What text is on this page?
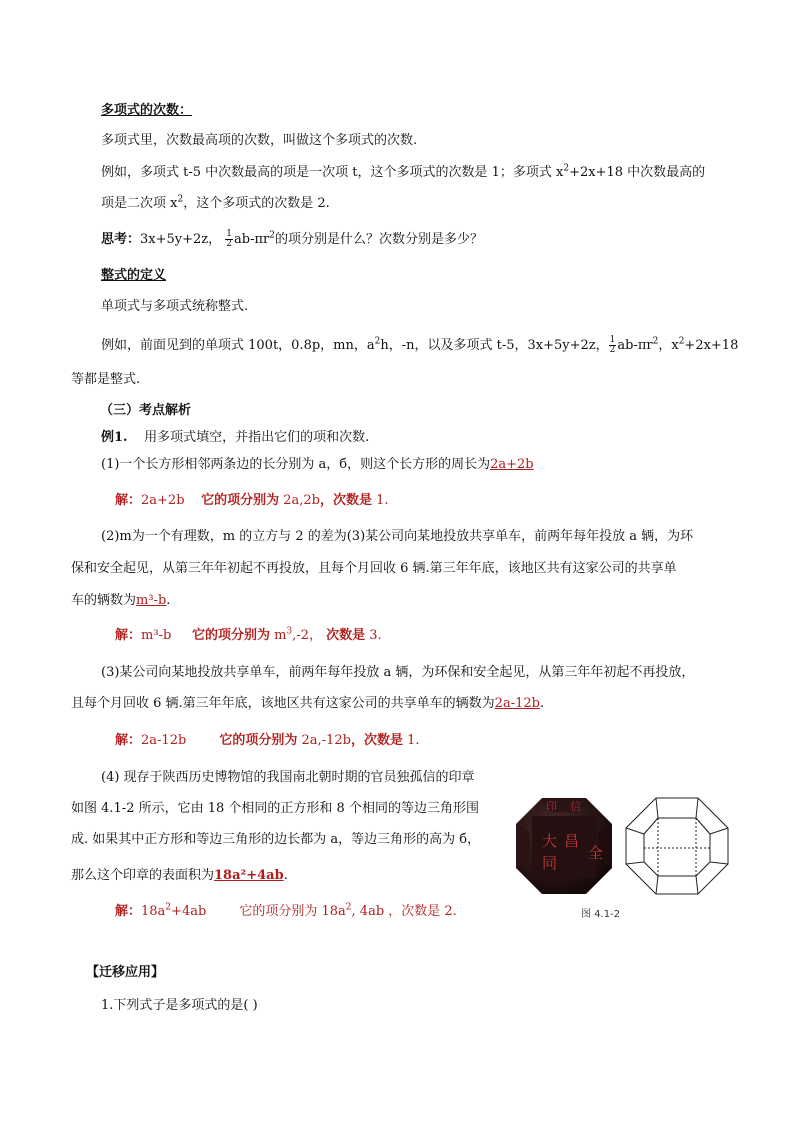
多项式的次数：
多项式里，次数最高项的次数，叫做这个多项式的次数.
例如，多项式 t-5 中次数最高的项是一次项 t，这个多项式的次数是 1；多项式 $x^2+2x+18$ 中次数最高的
项是二次项 $x^2$，这个多项式的次数是 2.
思考：3x+5y+2z， $\frac{1}{2} ab-\pi r^2$的项分别是什么？次数分别是多少？
整式的定义
单项式与多项式统称整式.
例如，前面见到的单项式 100t，0.8p，mn，$a^2h$，-n，以及多项式 t-5，3x+5y+2z， $\frac{1}{2} ab-\pi r^2$，$x^2+2x+18$
等都是整式.
（三）考点解析
例1. 用多项式填空，并指出它们的项和次数.
(1)一个长方形相邻两条边的长分别为 a，б，则这个长方形的周长为2a+2b
解：2a+2b 它的项分别为 2a,2b，次数是 1.
(2)m为一个有理数，m 的立方与 2 的差为(3)某公司向某地投放共享单车，前两年每年投放 a 辆，为环
保和安全起见，从第三年年初起不再投放，且每个月回收 6 辆.第三年年底，该地区共有这家公司的共享单
车的辆数为m³-b.
解：m³-b 它的项分别为 $m^3,-2$， 次数是 3.
(3)某公司向某地投放共享单车，前两年每年投放 a 辆，为环保和安全起见，从第三年年初起不再投放，
且每个月回收 6 辆.第三年年底，该地区共有这家公司的共享单车的辆数为2a-12b.
解：2a-12b	它的项分别为 2a,-12b，次数是 1.
(4) 现存于陕西历史博物馆的我国南北朝时期的官员独孤信的印章
如图 4.1-2 所示，它由 18 个相同的正方形和 8 个相同的等边三角形围
成. 如果其中正方形和等边三角形的边长都为 a，等边三角形的高为 б，
那么这个印章的表面积为18a²+4ab.
解：$18a^2+4ab$	它的项分别为 $18a^2$, 4ab ，次数是 2.
大 昌
同
全
印 信
图 4.1-2
【迁移应用】
1.下列式子是多项式的是( )
